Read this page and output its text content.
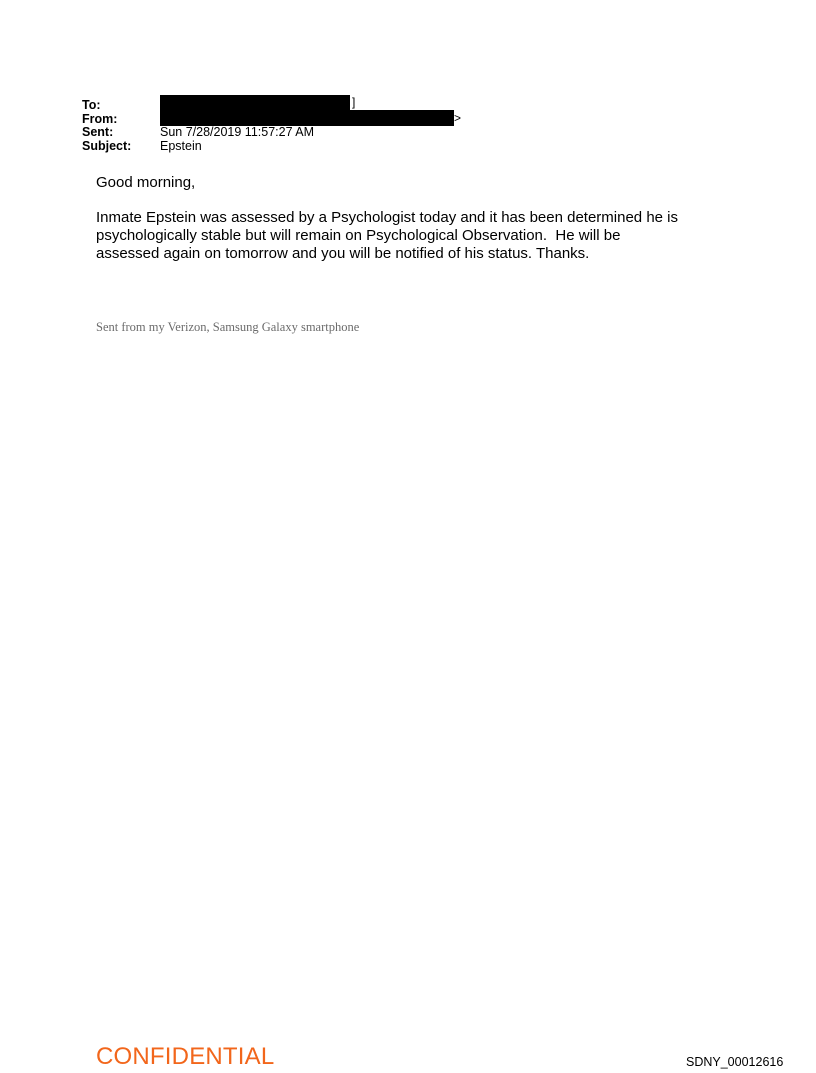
To:	]
From:	>
Sent:	Sun 7/28/2019 11:57:27 AM
Subject:	Epstein
Good morning,
Inmate Epstein was assessed by a Psychologist today and it has been determined he is
psychologically stable but will remain on Psychological Observation.  He will be
assessed again on tomorrow and you will be notified of his status. Thanks.
Sent from my Verizon, Samsung Galaxy smartphone
CONFIDENTIAL	SDNY_00012616
